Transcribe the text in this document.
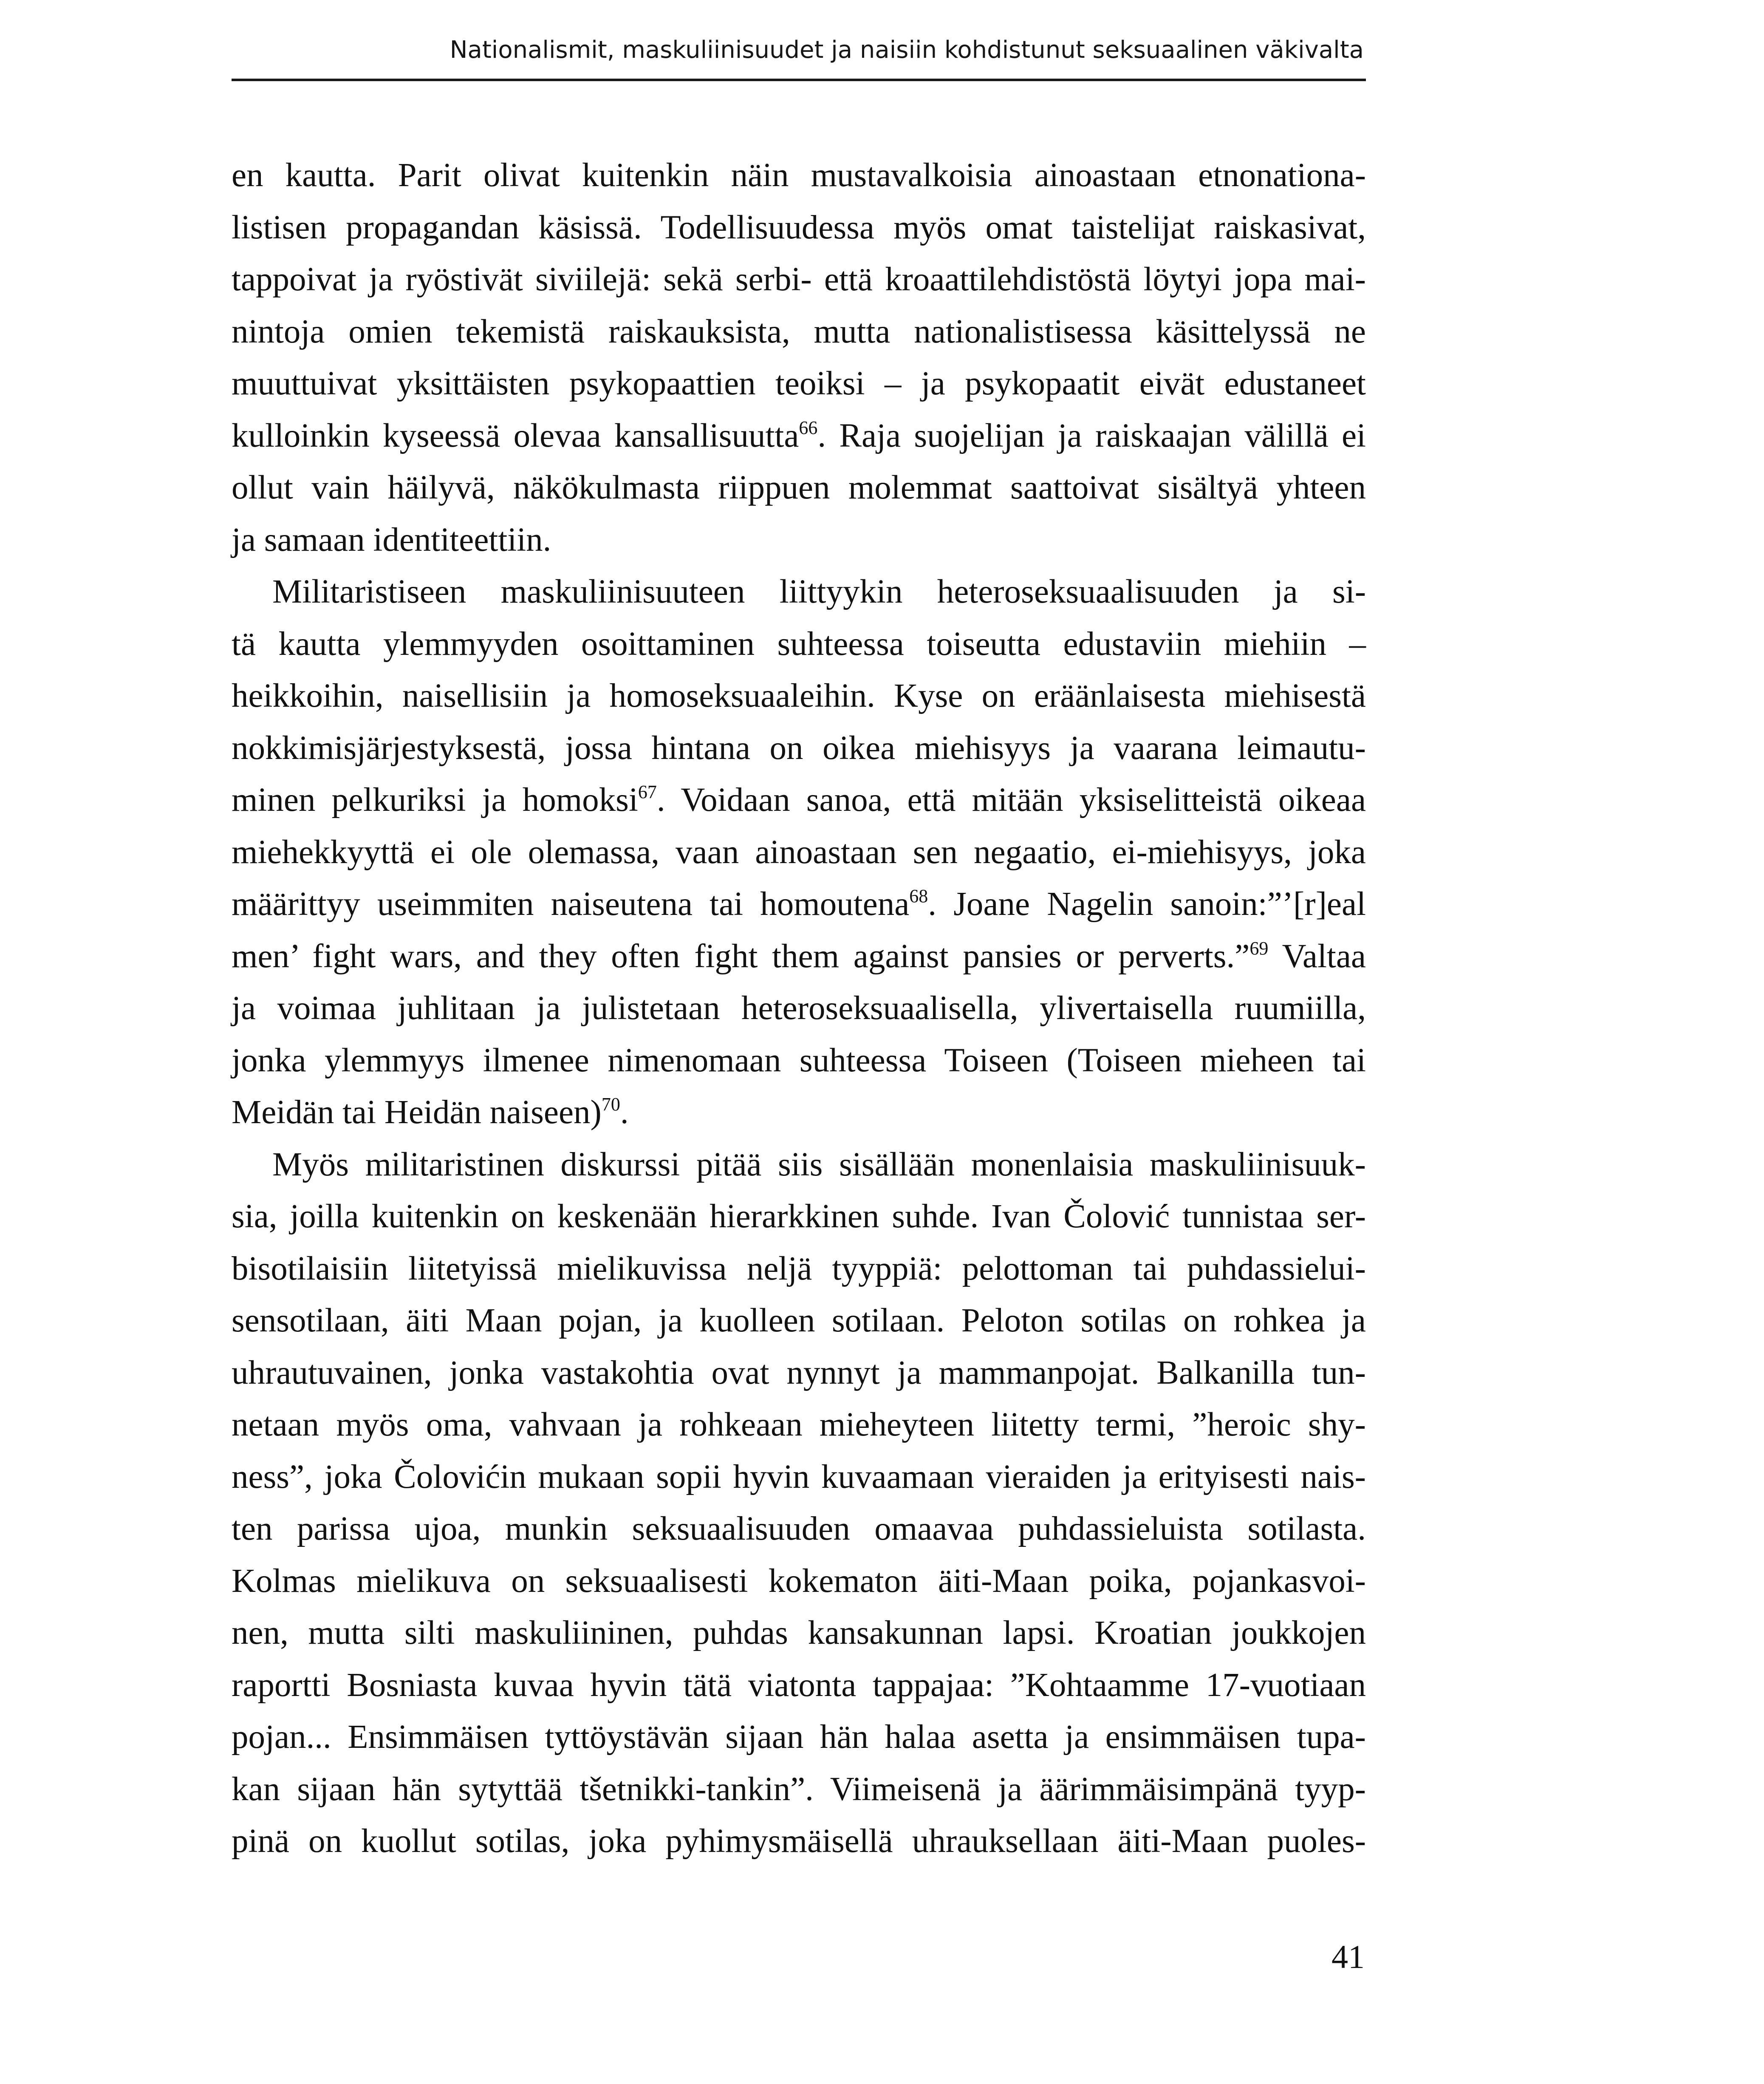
Nationalismit, maskuliinisuudet ja naisiin kohdistunut seksuaalinen väkivalta

en kautta. Parit olivat kuitenkin näin mustavalkoisia ainoastaan etnonationa-
listisen propagandan käsissä. Todellisuudessa myös omat taistelijat raiskasivat,
tappoivat ja ryöstivät siviilejä: sekä serbi- että kroaattilehdistöstä löytyi jopa mai-
nintoja omien tekemistä raiskauksista, mutta nationalistisessa käsittelyssä ne
muuttuivat yksittäisten psykopaattien teoiksi – ja psykopaatit eivät edustaneet
kulloinkin kyseessä olevaa kansallisuutta$^{66}$. Raja suojelijan ja raiskaajan välillä ei
ollut vain häilyvä, näkökulmasta riippuen molemmat saattoivat sisältyä yhteen
ja samaan identiteettiin.

Militaristiseen maskuliinisuuteen liittyykin heteroseksuaalisuuden ja si-
tä kautta ylemmyyden osoittaminen suhteessa toiseutta edustaviin miehiin –
heikkoihin, naisellisiin ja homoseksuaaleihin. Kyse on eräänlaisesta miehisestä
nokkimisjärjestyksestä, jossa hintana on oikea miehisyys ja vaarana leimautu-
minen pelkuriksi ja homoksi$^{67}$. Voidaan sanoa, että mitään yksiselitteistä oikeaa
miehekkyyttä ei ole olemassa, vaan ainoastaan sen negaatio, ei-miehisyys, joka
määrittyy useimmiten naiseutena tai homoutena$^{68}$. Joane Nagelin sanoin:”’[r]eal
men’ fight wars, and they often fight them against pansies or perverts.”$^{69}$ Valtaa
ja voimaa juhlitaan ja julistetaan heteroseksuaalisella, ylivertaisella ruumiilla,
jonka ylemmyys ilmenee nimenomaan suhteessa Toiseen (Toiseen mieheen tai
Meidän tai Heidän naiseen)$^{70}$.

Myös militaristinen diskurssi pitää siis sisällään monenlaisia maskuliinisuuk-
sia, joilla kuitenkin on keskenään hierarkkinen suhde. Ivan Čolović tunnistaa ser-
bisotilaisiin liitetyissä mielikuvissa neljä tyyppiä: pelottoman tai puhdassielui-
sensotilaan, äiti Maan pojan, ja kuolleen sotilaan. Peloton sotilas on rohkea ja
uhrautuvainen, jonka vastakohtia ovat nynnyt ja mammanpojat. Balkanilla tun-
netaan myös oma, vahvaan ja rohkeaan mieheyteen liitetty termi, ”heroic shy-
ness”, joka Čolovićin mukaan sopii hyvin kuvaamaan vieraiden ja erityisesti nais-
ten parissa ujoa, munkin seksuaalisuuden omaavaa puhdassieluista sotilasta.
Kolmas mielikuva on seksuaalisesti kokematon äiti-Maan poika, pojankasvoi-
nen, mutta silti maskuliininen, puhdas kansakunnan lapsi. Kroatian joukkojen
raportti Bosniasta kuvaa hyvin tätä viatonta tappajaa: ”Kohtaamme 17-vuotiaan
pojan... Ensimmäisen tyttöystävän sijaan hän halaa asetta ja ensimmäisen tupa-
kan sijaan hän sytyttää tšetnikki-tankin”. Viimeisenä ja äärimmäisimpänä tyyp-
pinä on kuollut sotilas, joka pyhimysmäisellä uhrauksellaan äiti-Maan puoles-

41
